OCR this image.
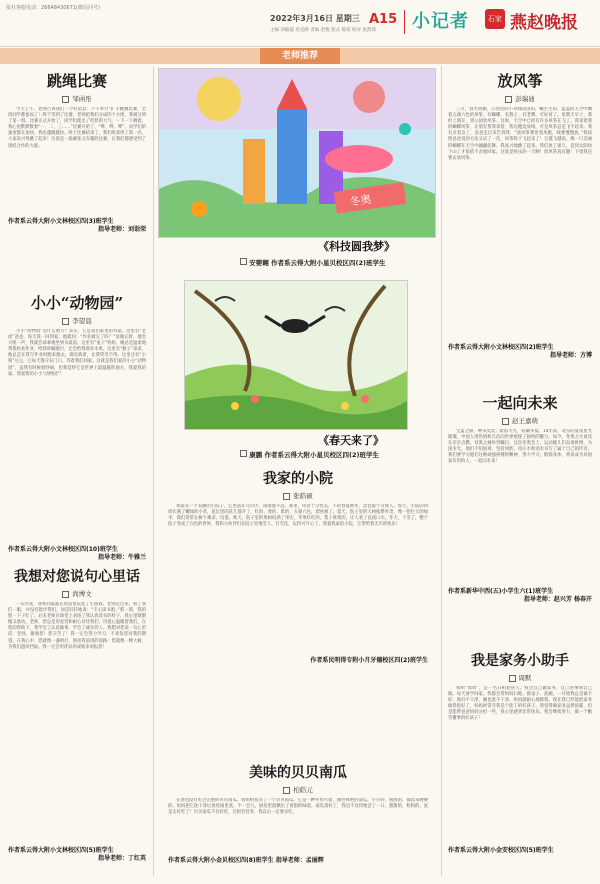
报社客服电话：26648430671(微信同号)
2022年3月16日 星期三
主编 刘敏霞 见史龄 责编 赵悦 版式 陈寒 校对 张凯琛
A15 小记者	石家庄
燕赵晚报
老师推荐
跳绳比赛
邹函彤
今天上午，老师告诉我们一个好消息：下午举行“扩手跳跳比赛，全班同学都参加了！终于等到了比赛，老师把我们分成四个小组，我被分到了第一组。比赛正式开始了，同学们使出了吃奶的力气，一下一下跳着，我心里默默数着“一、二、三……”比赛开始了，“哗、哗、哗”，同学们的速度都在加快，我也越跳越快。终于比赛结束了，我们组获得了第一名，大家高兴得跳了起来！这真是一场紧张又有趣的比赛，让我们都感受到了团结合作的力量。
作者系云得大附小文林校区四(3)班学生
指导老师：刘诣荣
小小“动物园”
李望晨
小小“动物园”是什么地方？其实，它是我们家里的书桌。这里有“老虎”爸爸，每天我一回到家，他就问：“作业做完了吗？”没做完时，他会大吼一声，我就会乖乖地坐到书桌前。这里有“兔子”妈妈，她总是温柔地帮我检查作业，给我讲解题目，还会给我端来水果。这里有“猴子”弟弟，他总是在我写作业时跑来跑去，调皮捣蛋，让我哭笑不得。这里还有“小狗”豆豆，它每天都守在门口，等着我们回家。这就是我们家的小小“动物园”，虽然有时候很吵闹，但我觉得它是世界上最温暖的地方。我爱我的家，我爱我的小小“动物园”！
作者系云得大附小文林校区四(10)班学生
指导老师：牛雅兰
我想对您说句心里话
尚博文
一次早读，我和同桌都在角落里玩起了小游戏。老师走过来，看了我们一眼，并没有批评我们，而是轻轻地说：“专心读书吧。”那一刻，我的脸一下子红了。后来老师在课堂上表扬了我认真读书的样子，我心里既惭愧又感动。老师，您总是用宽容和耐心对待我们，用爱心温暖着我们。在您的帮助下，我学会了认真做事，学会了诚实待人。我想对您说一句心里话：老师，谢谢您！您辛苦了！我一定会努力学习，不辜负您对我的期望。在我心中，您就像一盏明灯，照亮我前进的道路；您就像一棵大树，为我们遮风挡雨。我一定会用优异的成绩来回报您！
作者系云得大附小文林校区四(5)班学生
指导老师：丁红英
冬奥
《科技圆我梦》
安婴翱 作者系云得大附小星贝校区四(2)班学生
《春天来了》
康鹏 作者系云得大附小星贝校区四(2)班学生
我家的小院
张皓硕
我家有一个美丽的小院子，它坐落在乌市区，南漫流不远。那里，风景十分优美，不论春夏秋冬，景色都十分迷人。春天，小院的四周长满了嫩绿的小草，花坛里的花儿都开了，红的、黄的、紫的，五颜六色，漂亮极了。夏天，院子里的大树枝繁叶茂，像一把巨大的绿伞，我们常常在树下乘凉、玩耍。秋天，院子里的果树结满了果实，苹果红红的，梨子黄黄的，让人看了直流口水。冬天，下雪了，整个院子变成了白色的世界，我和小伙伴们在院子里堆雪人、打雪仗，玩得可开心了。我爱我家的小院，它带给我无尽的快乐！
作者系民明得专附小月牙德校区四(2)班学生
美味的贝贝南瓜
柏皓元
在春也没有吃过完整的贝贝南瓜，妈妈给我买了一个贝贝南瓜。它是一种外形可爱、颜色鲜艳的南瓜，小小的、圆圆的，摸起来硬硬的。妈妈把它洗干净后放进锅里蒸，不一会儿，厨房里就飘出了香甜的味道。南瓜蒸好了，我迫不及待地尝了一口，甜甜的、粉粉的，真是太好吃了！贝贝南瓜不仅好吃，还很有营养，我以后一定要多吃。
作者系云得大附小金贝校区四(8)班学生 指导老师：孟丽辉
放风筝
彭瑞迪
三月，春光明媚，公园里的小草绿茵茵的，嫩生生的，蓝蓝的天空中飘着五颜六色的风筝，有蝴蝶、有燕子、有老鹰，可好看了。星期天早上，我约上朋友，到公园放风筝。这时，天空中已经有许多风筝在飞了。我拿着我的蝴蝶风筝，让朋友帮我拿着，我边跑边放线，可是风筝总是飞不起来。我有点着急了，爸爸走过来告诉我：“放风筝要逆着风跑，线要慢慢放。”我按照爸爸说的方法又试了一次，风筝终于飞起来了！它越飞越高，像一只美丽的蝴蝶在天空中翩翩起舞。我高兴地跳了起来。我们放了很久，直到太阳快下山了才依依不舍地回家。这真是快乐的一天啊！放风筝真有趣！下周我还要去放风筝。
作者系云得大附小文林校区四(2)班学生
指导老师：方博
一起向未来
赵王嘉萌
宝蓝之颜，神采奕奕；紫韵天光，炫耀华夏。14年前，北京的夏夜星光璀璨，中国人用热情和自信向世界展现了独特的魅力。如今，冬奥之火再次在北京点燃，双奥之城举世瞩目。这次冬奥会上，运动健儿们奋勇拼搏，为国争光，他们不怕困难，坚持到底，用汗水和泪水书写了属于自己的传奇。我们要学习他们这种顽强拼搏的精神，努力学习，锻炼身体，将来成为对国家有用的人，一起向未来！
作者系新华中西(五)小学生六(1)班学生
指导老师：赵兴芳 杨春开
我是家务小助手
周默
我叫“周周”，是一名日相迎居人。我会自己做家务，自己的事情自己做。每天放学回家，我都会帮妈妈扫地、擦桌子、洗碗。一开始我总是做不好，地扫不干净，碗也洗不干净，妈妈就耐心地教我。现在我已经能把家务做得很好了，妈妈经常夸我是个能干的好孩子。我觉得做家务虽然很累，但是能帮爸爸妈妈分担一些，我心里感到非常快乐。我会继续努力，做一个勤劳懂事的好孩子！
作者系云得大附小金安校区四(5)班学生
